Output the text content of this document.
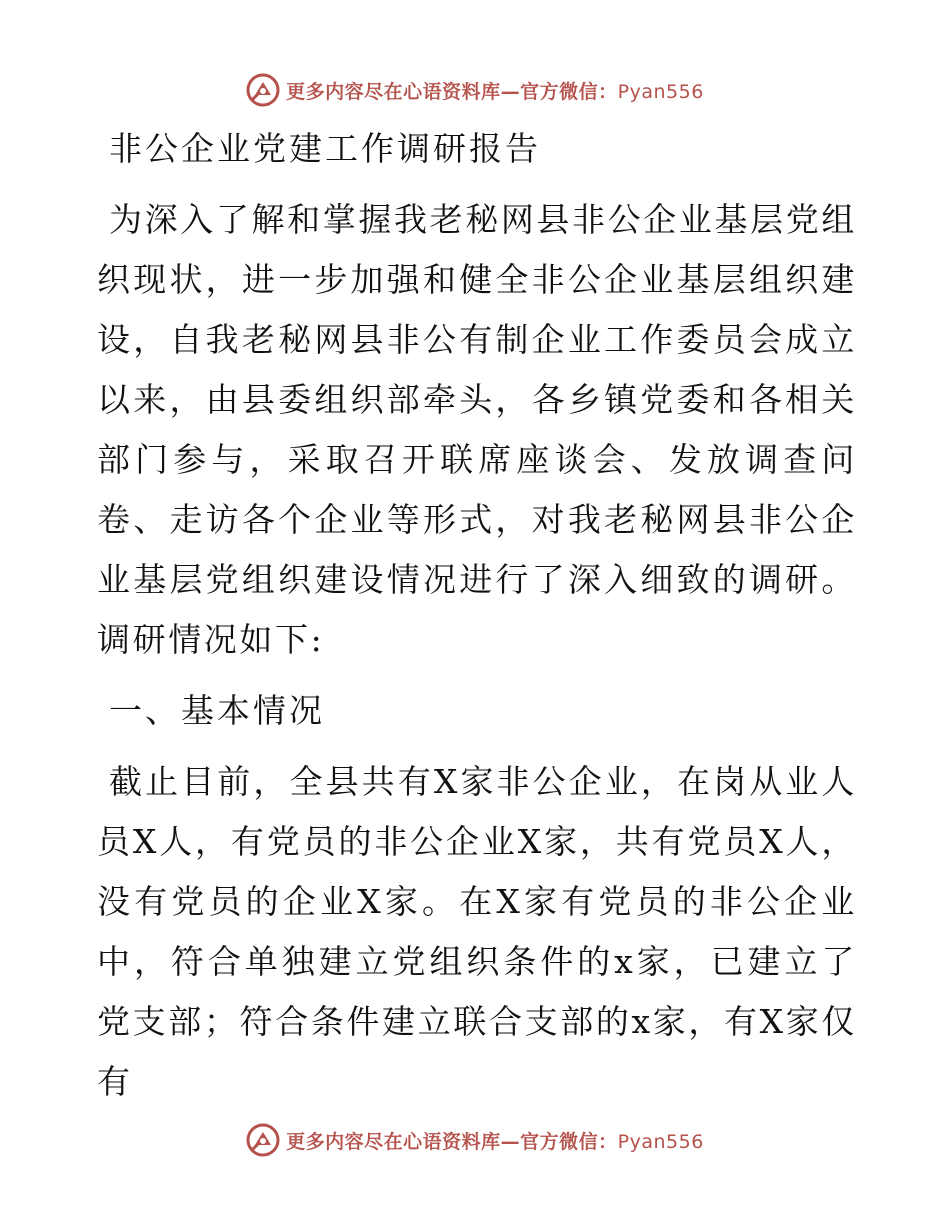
更多内容尽在心语资料库—官方微信：Pyan556
非公企业党建工作调研报告

为深入了解和掌握我老秘网县非公企业基层党组织现状，进一步加强和健全非公企业基层组织建设，自我老秘网县非公有制企业工作委员会成立以来，由县委组织部牵头，各乡镇党委和各相关部门参与，采取召开联席座谈会、发放调查问卷、走访各个企业等形式，对我老秘网县非公企业基层党组织建设情况进行了深入细致的调研。调研情况如下:

一、基本情况

截止目前，全县共有X家非公企业，在岗从业人员X人，有党员的非公企业X家，共有党员X人，没有党员的企业X家。在X家有党员的非公企业中，符合单独建立党组织条件的x家，已建立了党支部；符合条件建立联合支部的x家，有X家仅有

更多内容尽在心语资料库—官方微信：Pyan556
